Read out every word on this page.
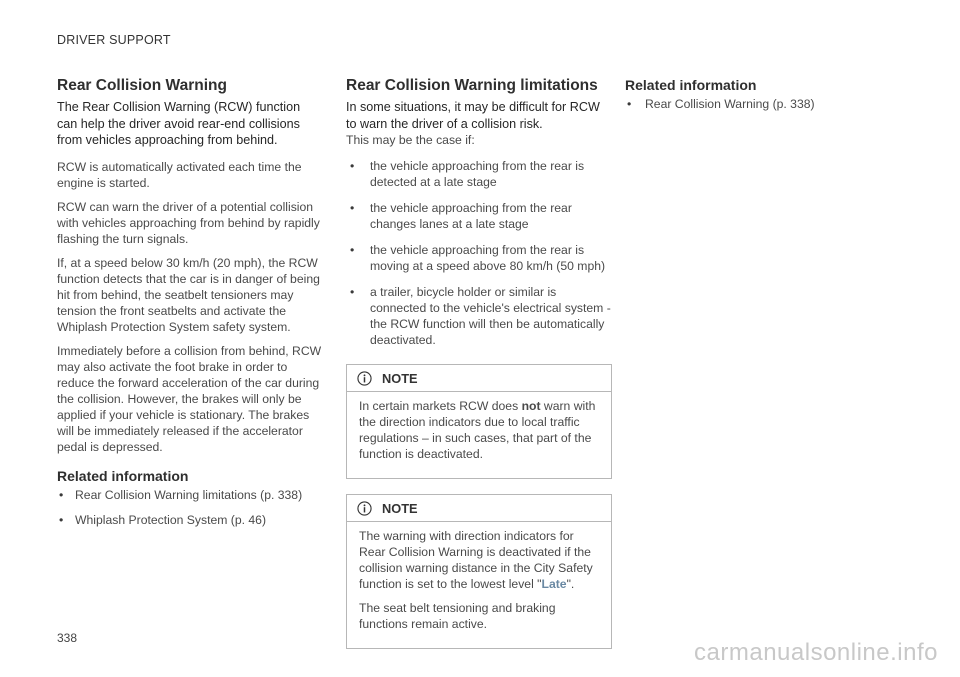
DRIVER SUPPORT
Rear Collision Warning

The Rear Collision Warning (RCW) function can help the driver avoid rear-end collisions from vehicles approaching from behind.

RCW is automatically activated each time the engine is started.

RCW can warn the driver of a potential collision with vehicles approaching from behind by rapidly flashing the turn signals.

If, at a speed below 30 km/h (20 mph), the RCW function detects that the car is in danger of being hit from behind, the seatbelt tensioners may tension the front seatbelts and activate the Whiplash Protection System safety system.

Immediately before a collision from behind, RCW may also activate the foot brake in order to reduce the forward acceleration of the car during the collision. However, the brakes will only be applied if your vehicle is stationary. The brakes will be immediately released if the accelerator pedal is depressed.

Related information
• Rear Collision Warning limitations (p. 338)
• Whiplash Protection System (p. 46)
Rear Collision Warning limitations

In some situations, it may be difficult for RCW to warn the driver of a collision risk.

This may be the case if:

• the vehicle approaching from the rear is detected at a late stage
• the vehicle approaching from the rear changes lanes at a late stage
• the vehicle approaching from the rear is moving at a speed above 80 km/h (50 mph)
• a trailer, bicycle holder or similar is connected to the vehicle's electrical system - the RCW function will then be automatically deactivated.
NOTE

In certain markets RCW does not warn with the direction indicators due to local traffic regulations – in such cases, that part of the function is deactivated.

NOTE

The warning with direction indicators for Rear Collision Warning is deactivated if the collision warning distance in the City Safety function is set to the lowest level "Late".

The seat belt tensioning and braking functions remain active.

Related information
• Rear Collision Warning (p. 338)
338
carmanualsonline.info
